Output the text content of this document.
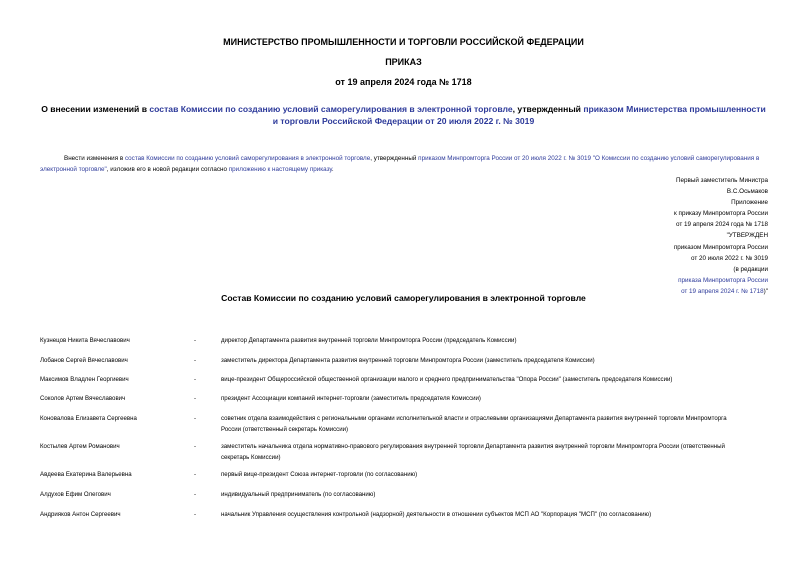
МИНИСТЕРСТВО ПРОМЫШЛЕННОСТИ И ТОРГОВЛИ РОССИЙСКОЙ ФЕДЕРАЦИИ
ПРИКАЗ
от 19 апреля 2024 года № 1718
О внесении изменений в состав Комиссии по созданию условий саморегулирования в электронной торговле, утвержденный приказом Министерства промышленности и торговли Российской Федерации от 20 июля 2022 г. № 3019
Внести изменения в состав Комиссии по созданию условий саморегулирования в электронной торговле, утвержденный приказом Минпромторга России от 20 июля 2022 г. № 3019 "О Комиссии по созданию условий саморегулирования в электронной торговле", изложив его в новой редакции согласно приложению к настоящему приказу.
Первый заместитель Министра
В.С.Осьмаков
Приложение
к приказу Минпромторга России
от 19 апреля 2024 года № 1718
"УТВЕРЖДЕН
приказом Минпромторга России
от 20 июля 2022 г. № 3019
(в редакции
приказа Минпромторга России
от 19 апреля 2024 г. № 1718)"
Состав Комиссии по созданию условий саморегулирования в электронной торговле
Кузнецов Никита Вячеславович	-	директор Департамента развития внутренней торговли Минпромторга России (председатель Комиссии)
Лобанов Сергей Вячеславович	-	заместитель директора Департамента развития внутренней торговли Минпромторга России (заместитель председателя Комиссии)
Максимов Владлен Георгиевич	-	вице-президент Общероссийской общественной организации малого и среднего предпринимательства "Опора России" (заместитель председателя Комиссии)
Соколов Артем Вячеславович	-	президент Ассоциации компаний интернет-торговли (заместитель председателя Комиссии)
Коновалова Елизавета Сергеевна	-	советник отдела взаимодействия с региональными органами исполнительной власти и отраслевыми организациями Департамента развития внутренней торговли Минпромторга России (ответственный секретарь Комиссии)
Костылев Артем Романович	-	заместитель начальника отдела нормативно-правового регулирования внутренней торговли Департамента развития внутренней торговли Минпромторга России (ответственный секретарь Комиссии)
Авдеева Екатерина Валерьевна	-	первый вице-президент Союза интернет-торговли (по согласованию)
Алдухов Ефим Олегович	-	индивидуальный предприниматель (по согласованию)
Андрияков Антон Сергеевич	-	начальник Управления осуществления контрольной (надзорной) деятельности в отношении субъектов МСП АО "Корпорация "МСП" (по согласованию)
